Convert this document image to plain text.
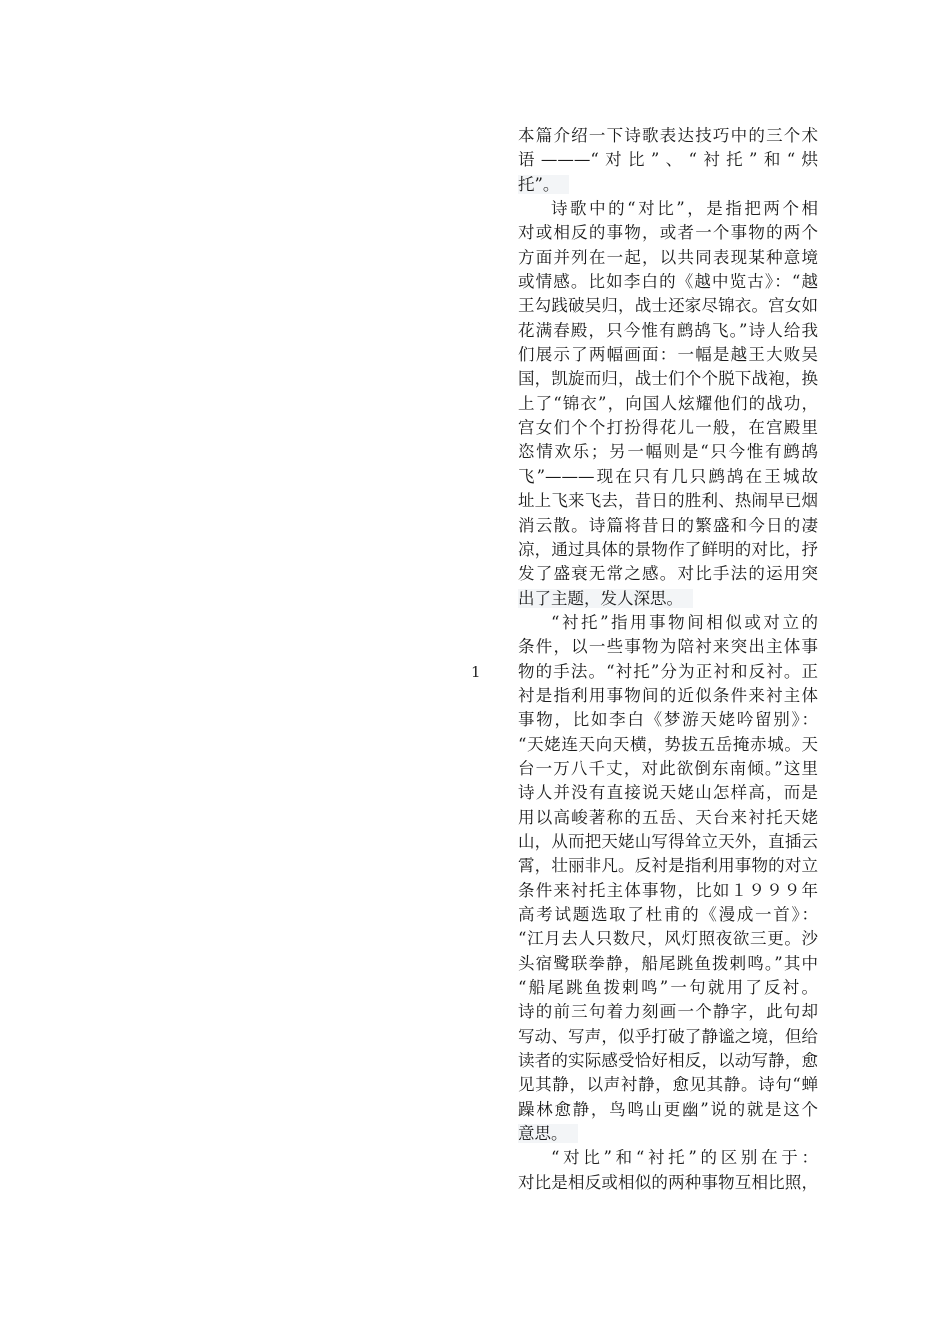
1
本篇介绍一下诗歌表达技巧中的三个术
语———“对比”、“衬托”和“烘
托”。
诗歌中的“对比”，是指把两个相
对或相反的事物，或者一个事物的两个
方面并列在一起，以共同表现某种意境
或情感。比如李白的《越中览古》：“越
王勾践破吴归，战士还家尽锦衣。宫女如
花满春殿，只今惟有鹧鸪飞。”诗人给我
们展示了两幅画面：一幅是越王大败吴
国，凯旋而归，战士们个个脱下战袍，换
上了“锦衣”，向国人炫耀他们的战功，
宫女们个个打扮得花儿一般，在宫殿里
恣情欢乐；另一幅则是“只今惟有鹧鸪
飞”———现在只有几只鹧鸪在王城故
址上飞来飞去，昔日的胜利、热闹早已烟
消云散。诗篇将昔日的繁盛和今日的凄
凉，通过具体的景物作了鲜明的对比，抒
发了盛衰无常之感。对比手法的运用突
出了主题，发人深思。
“衬托”指用事物间相似或对立的
条件，以一些事物为陪衬来突出主体事
物的手法。“衬托”分为正衬和反衬。正
衬是指利用事物间的近似条件来衬主体
事物，比如李白《梦游天姥吟留别》：
“天姥连天向天横，势拔五岳掩赤城。天
台一万八千丈，对此欲倒东南倾。”这里
诗人并没有直接说天姥山怎样高，而是
用以高峻著称的五岳、天台来衬托天姥
山，从而把天姥山写得耸立天外，直插云
霄，壮丽非凡。反衬是指利用事物的对立
条件来衬托主体事物，比如１９９９年
高考试题选取了杜甫的《漫成一首》：
“江月去人只数尺，风灯照夜欲三更。沙
头宿鹭联拳静，船尾跳鱼拨剌鸣。”其中
“船尾跳鱼拨剌鸣”一句就用了反衬。
诗的前三句着力刻画一个静字，此句却
写动、写声，似乎打破了静谧之境，但给
读者的实际感受恰好相反，以动写静，愈
见其静，以声衬静，愈见其静。诗句“蝉
躁林愈静，鸟鸣山更幽”说的就是这个
意思。
“对比”和“衬托”的区别在于：
对比是相反或相似的两种事物互相比照，
